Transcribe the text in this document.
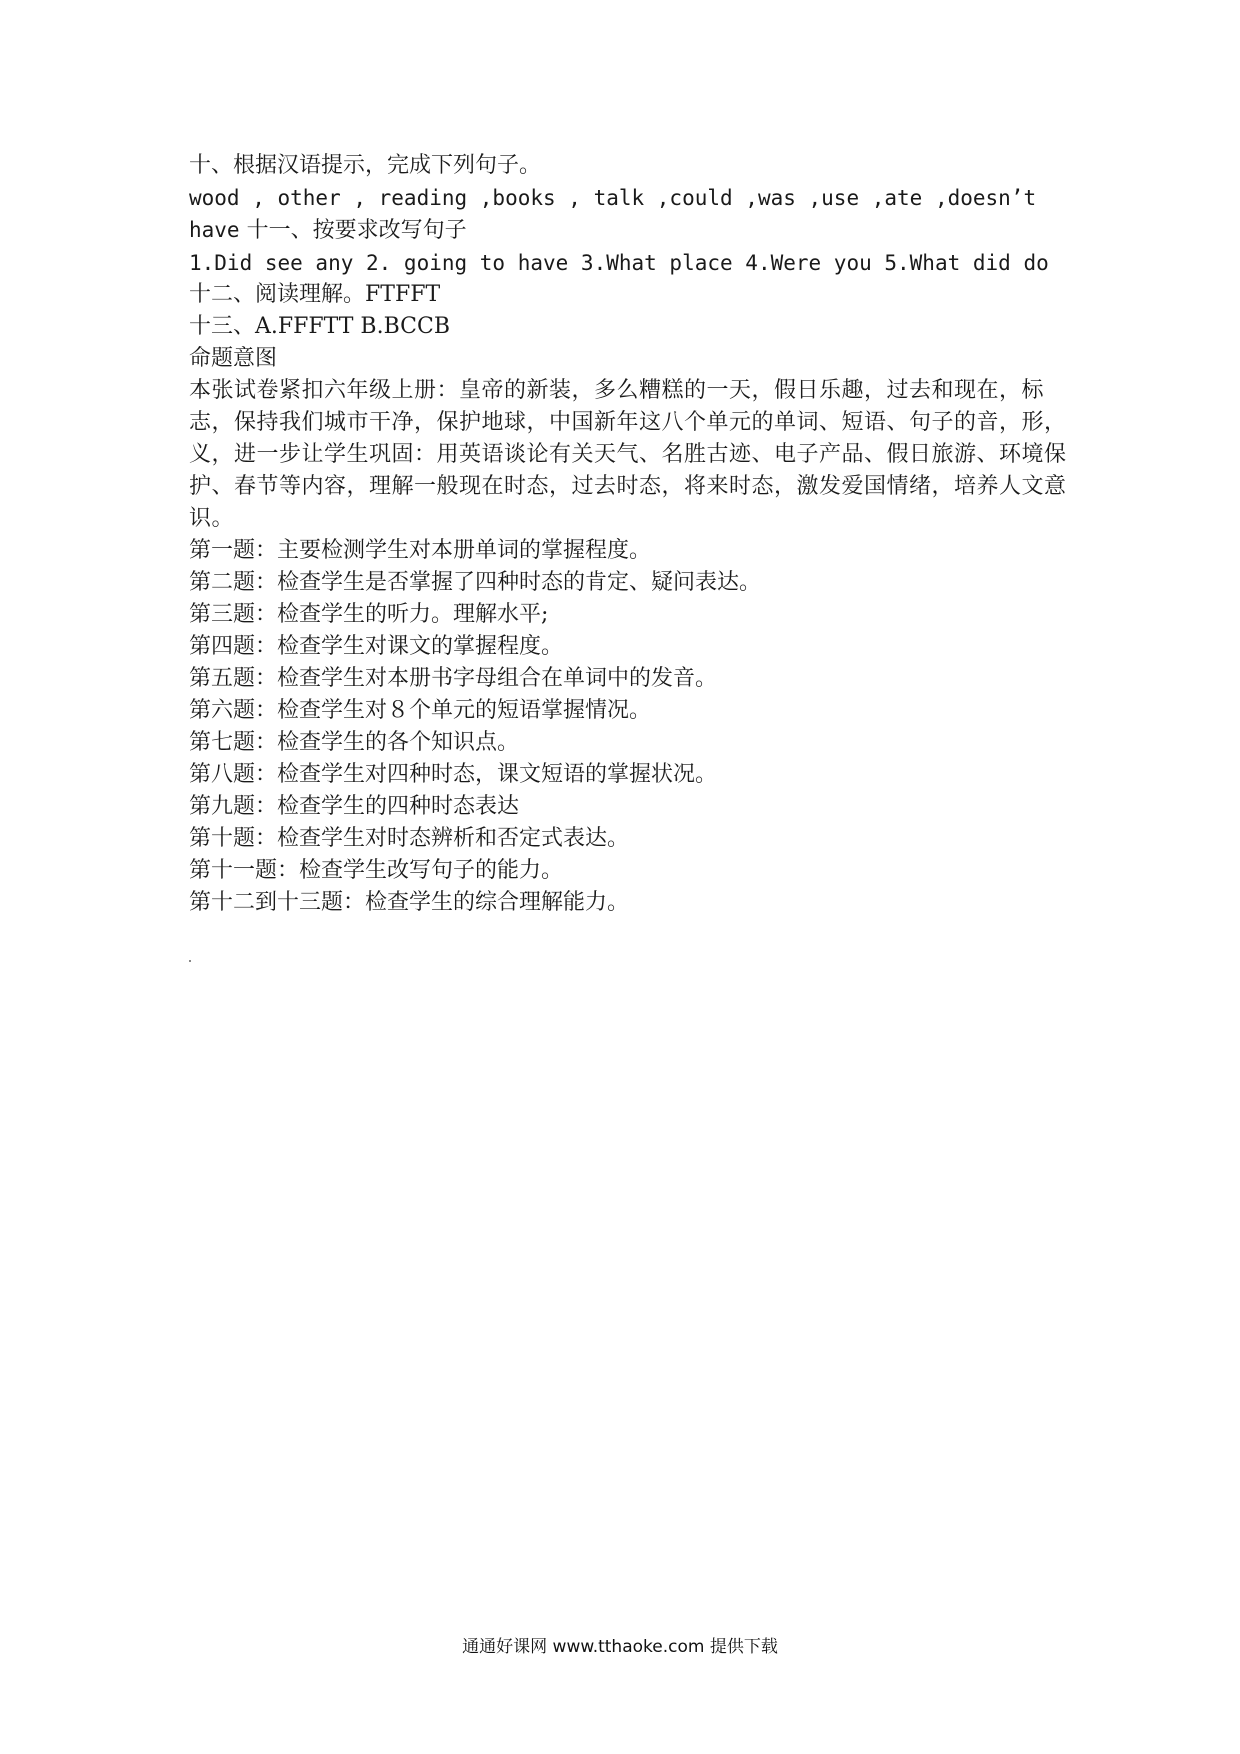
十、根据汉语提示，完成下列句子。
wood , other , reading ,books , talk ,could ,was ,use ,ate ,doesn’t
have 十一、按要求改写句子
1.Did see any 2. going to have 3.What place 4.Were you 5.What did do
十二、阅读理解。FTFFT
十三、A.FFFTT B.BCCB
命题意图
本张试卷紧扣六年级上册：皇帝的新装，多么糟糕的一天，假日乐趣，过去和现在，标志，保持我们城市干净，保护地球，中国新年这八个单元的单词、短语、句子的音，形，义，进一步让学生巩固：用英语谈论有关天气、名胜古迹、电子产品、假日旅游、环境保护、春节等内容，理解一般现在时态，过去时态，将来时态，激发爱国情绪，培养人文意识。
第一题：主要检测学生对本册单词的掌握程度。
第二题：检查学生是否掌握了四种时态的肯定、疑问表达。
第三题：检查学生的听力。理解水平;
第四题：检查学生对课文的掌握程度。
第五题：检查学生对本册书字母组合在单词中的发音。
第六题：检查学生对８个单元的短语掌握情况。
第七题：检查学生的各个知识点。
第八题：检查学生对四种时态，课文短语的掌握状况。
第九题：检查学生的四种时态表达
第十题：检查学生对时态辨析和否定式表达。
第十一题：检查学生改写句子的能力。
第十二到十三题：检查学生的综合理解能力。
通通好课网 www.tthaoke.com 提供下载
